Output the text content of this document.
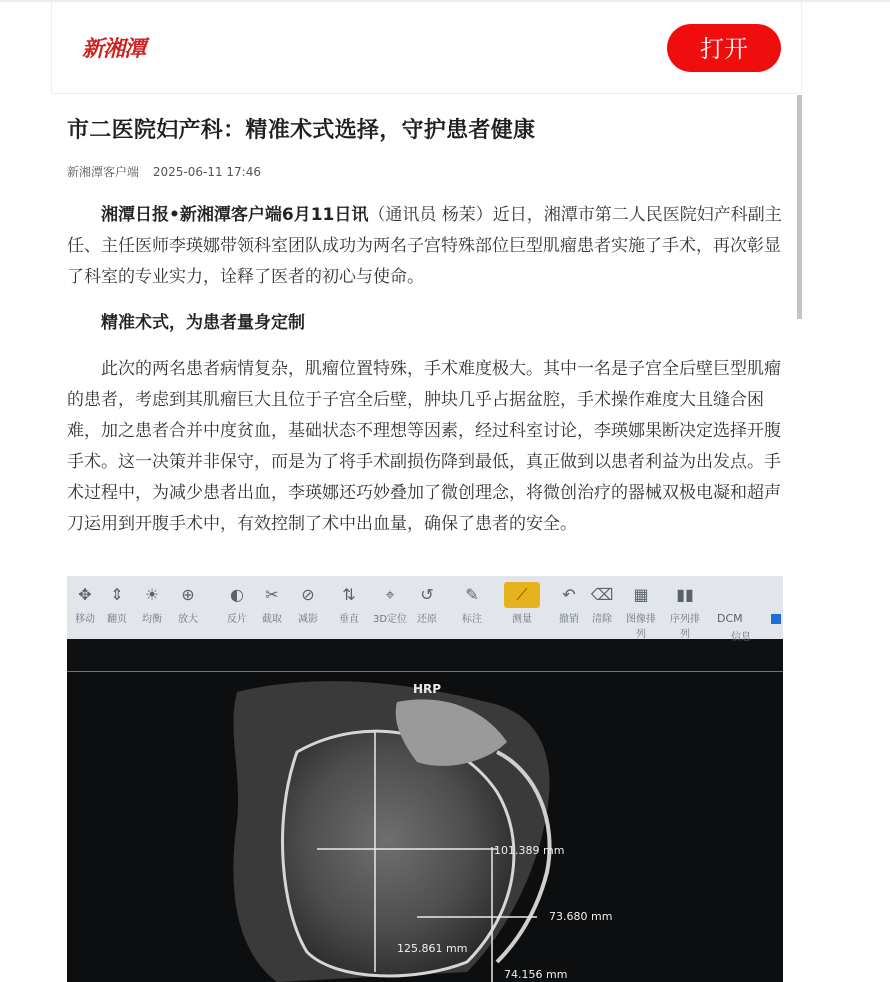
新湘潭	打开
市二医院妇产科：精准术式选择，守护患者健康
新湘潭客户端 2025-06-11 17:46

湘潭日报•新湘潭客户端6月11日讯（通讯员 杨茉）近日，湘潭市第二人民医院妇产科副主任、主任医师李瑛娜带领科室团队成功为两名子宫特殊部位巨型肌瘤患者实施了手术，再次彰显了科室的专业实力，诠释了医者的初心与使命。

精准术式，为患者量身定制

此次的两名患者病情复杂，肌瘤位置特殊，手术难度极大。其中一名是子宫全后壁巨型肌瘤的患者，考虑到其肌瘤巨大且位于子宫全后壁，肿块几乎占据盆腔，手术操作难度大且缝合困难，加之患者合并中度贫血，基础状态不理想等因素，经过科室讨论，李瑛娜果断决定选择开腹手术。这一决策并非保守，而是为了将手术副损伤降到最低，真正做到以患者利益为出发点。手术过程中，为减少患者出血，李瑛娜还巧妙叠加了微创理念，将微创治疗的器械双极电凝和超声刀运用到开腹手术中，有效控制了术中出血量，确保了患者的安全。

✥
移动
⇕
翻页
☀
均衡
⊕
放大
◐
反片
✂
截取
⊘
减影
⇅
垂直
⌖
3D定位
↺
还原
✎
标注
⟋
测量
↶
撤销
⌫
清除
▦
图像排列
▮▮
序列排列	信息
DCM
HRP
101.389 mm
73.680 mm
125.861 mm
74.156 mm
